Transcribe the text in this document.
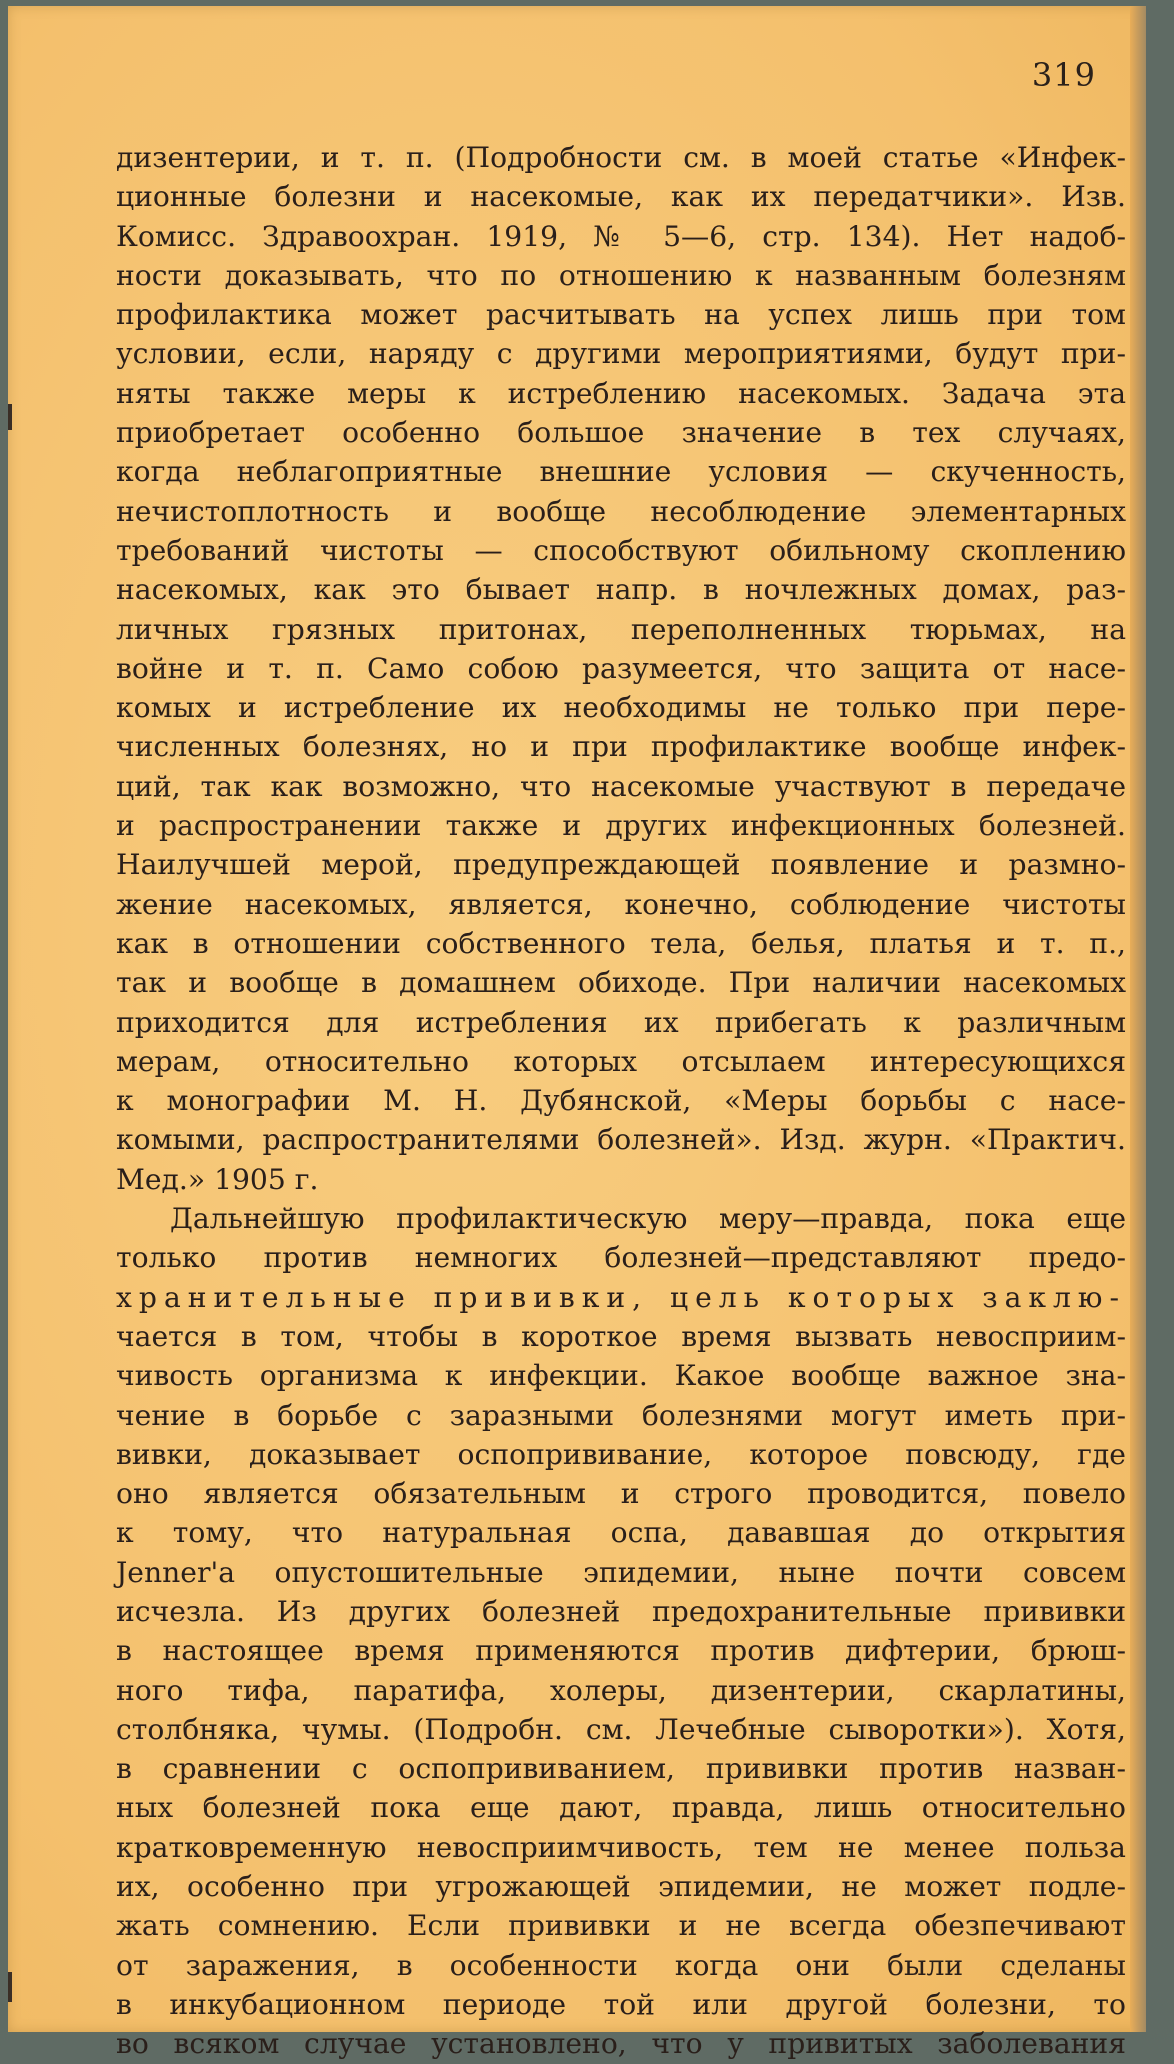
319
дизентерии, и т. п. (Подробности см. в моей статье «Инфек-
ционные болезни и насекомые, как их передатчики». Изв.
Комисс. Здравоохран. 1919, № 5—6, стр. 134). Нет надоб-
ности доказывать, что по отношению к названным болезням
профилактика может расчитывать на успех лишь при том
условии, если, наряду с другими мероприятиями, будут при-
няты также меры к истреблению насекомых. Задача эта
приобретает особенно большое значение в тех случаях,
когда неблагоприятные внешние условия — скученность,
нечистоплотность и вообще несоблюдение элементарных
требований чистоты — способствуют обильному скоплению
насекомых, как это бывает напр. в ночлежных домах, раз-
личных грязных притонах, переполненных тюрьмах, на
войне и т. п. Само собою разумеется, что защита от насе-
комых и истребление их необходимы не только при пере-
численных болезнях, но и при профилактике вообще инфек-
ций, так как возможно, что насекомые участвуют в передаче
и распространении также и других инфекционных болезней.
Наилучшей мерой, предупреждающей появление и размно-
жение насекомых, является, конечно, соблюдение чистоты
как в отношении собственного тела, белья, платья и т. п.,
так и вообще в домашнем обиходе. При наличии насекомых
приходится для истребления их прибегать к различным
мерам, относительно которых отсылаем интересующихся
к монографии М. Н. Дубянской, «Меры борьбы с насе-
комыми, распространителями болезней». Изд. журн. «Практич.
Мед.» 1905 г.
Дальнейшую профилактическую меру—правда, пока еще
только против немногих болезней—представляют предо-
хранительные прививки, цель которых заклю-
чается в том, чтобы в короткое время вызвать невосприим-
чивость организма к инфекции. Какое вообще важное зна-
чение в борьбе с заразными болезнями могут иметь при-
вивки, доказывает оспопрививание, которое повсюду, где
оно является обязательным и строго проводится, повело
к тому, что натуральная оспа, дававшая до открытия
Jenner'а опустошительные эпидемии, ныне почти совсем
исчезла. Из других болезней предохранительные прививки
в настоящее время применяются против дифтерии, брюш-
ного тифа, паратифа, холеры, дизентерии, скарлатины,
столбняка, чумы. (Подробн. см. Лечебные сыворотки»). Хотя,
в сравнении с оспопрививанием, прививки против назван-
ных болезней пока еще дают, правда, лишь относительно
кратковременную невосприимчивость, тем не менее польза
их, особенно при угрожающей эпидемии, не может подле-
жать сомнению. Если прививки и не всегда обезпечивают
от заражения, в особенности когда они были сделаны
в инкубационном периоде той или другой болезни, то
во всяком случае установлено, что у привитых заболевания
